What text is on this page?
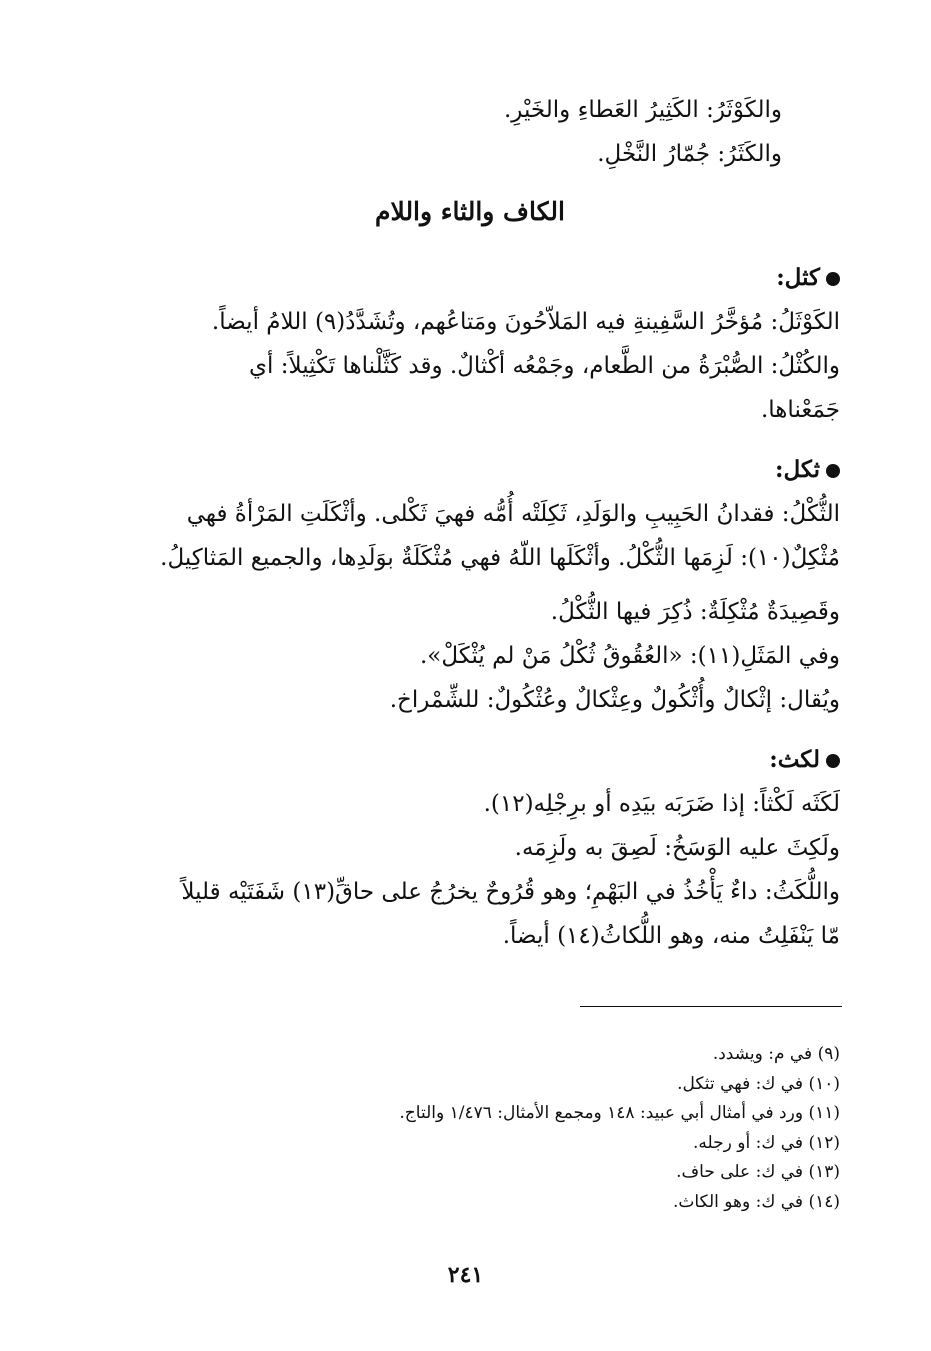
والكَوْثَرُ: الكَثِيرُ العَطاءِ والخَيْرِ.
والكَثَرُ: جُمّارُ النَّخْلِ.
الكاف والثاء واللام
كثل:
الكَوْثَلُ: مُؤخَّرُ السَّفِينةِ فيه المَلاّحُونَ ومَتاعُهم، وتُشَدَّدُ(٩) اللامُ أيضاً.
والكُثْلُ: الصُّبْرَةُ من الطَّعام، وجَمْعُه أكْثالٌ. وقد كَثَّلْناها تَكْثِيلاً: أي
جَمَعْناها.
ثكل:
الثُّكْلُ: فقدانُ الحَبِيبِ والوَلَدِ، ثَكِلَتْه أُمُّه فهيَ ثَكْلى. وأثْكَلَتِ المَرْأةُ فهي
مُثْكِلٌ(١٠): لَزِمَها الثُّكْلُ. وأثْكَلَها اللّهُ فهي مُثْكَلَةٌ بوَلَدِها، والجميع المَثاكِيلُ.
وقَصِيدَةٌ مُثْكِلَةٌ: ذُكِرَ فيها الثُّكْلُ.
وفي المَثَلِ(١١): «العُقُوقُ ثُكْلُ مَنْ لم يُثْكَلْ».
ويُقال: إثْكالٌ وأُثْكُولٌ وعِثْكالٌ وعُثْكُولٌ: للشِّمْراخ.
لكث:
لَكَثَه لَكْثاً: إذا ضَرَبَه بيَدِه أو برِجْلِه(١٢).
ولَكِثَ عليه الوَسَخُ: لَصِقَ به ولَزِمَه.
واللُّكَثُ: داءٌ يَأْخُذُ في البَهْمِ؛ وهو قُرُوحٌ يخرُجُ على حاقِّ(١٣) شَفَتَيْه قليلاً
مّا يَنْفَلِتُ منه، وهو اللُّكاثُ(١٤) أيضاً.
(٩) في م: ويشدد.
(١٠) في ك: فهي تثكل.
(١١) ورد في أمثال أبي عبيد: ١٤٨ ومجمع الأمثال: ١/٤٧٦ والتاج.
(١٢) في ك: أو رجله.
(١٣) في ك: على حاف.
(١٤) في ك: وهو الكاث.
٢٤١
